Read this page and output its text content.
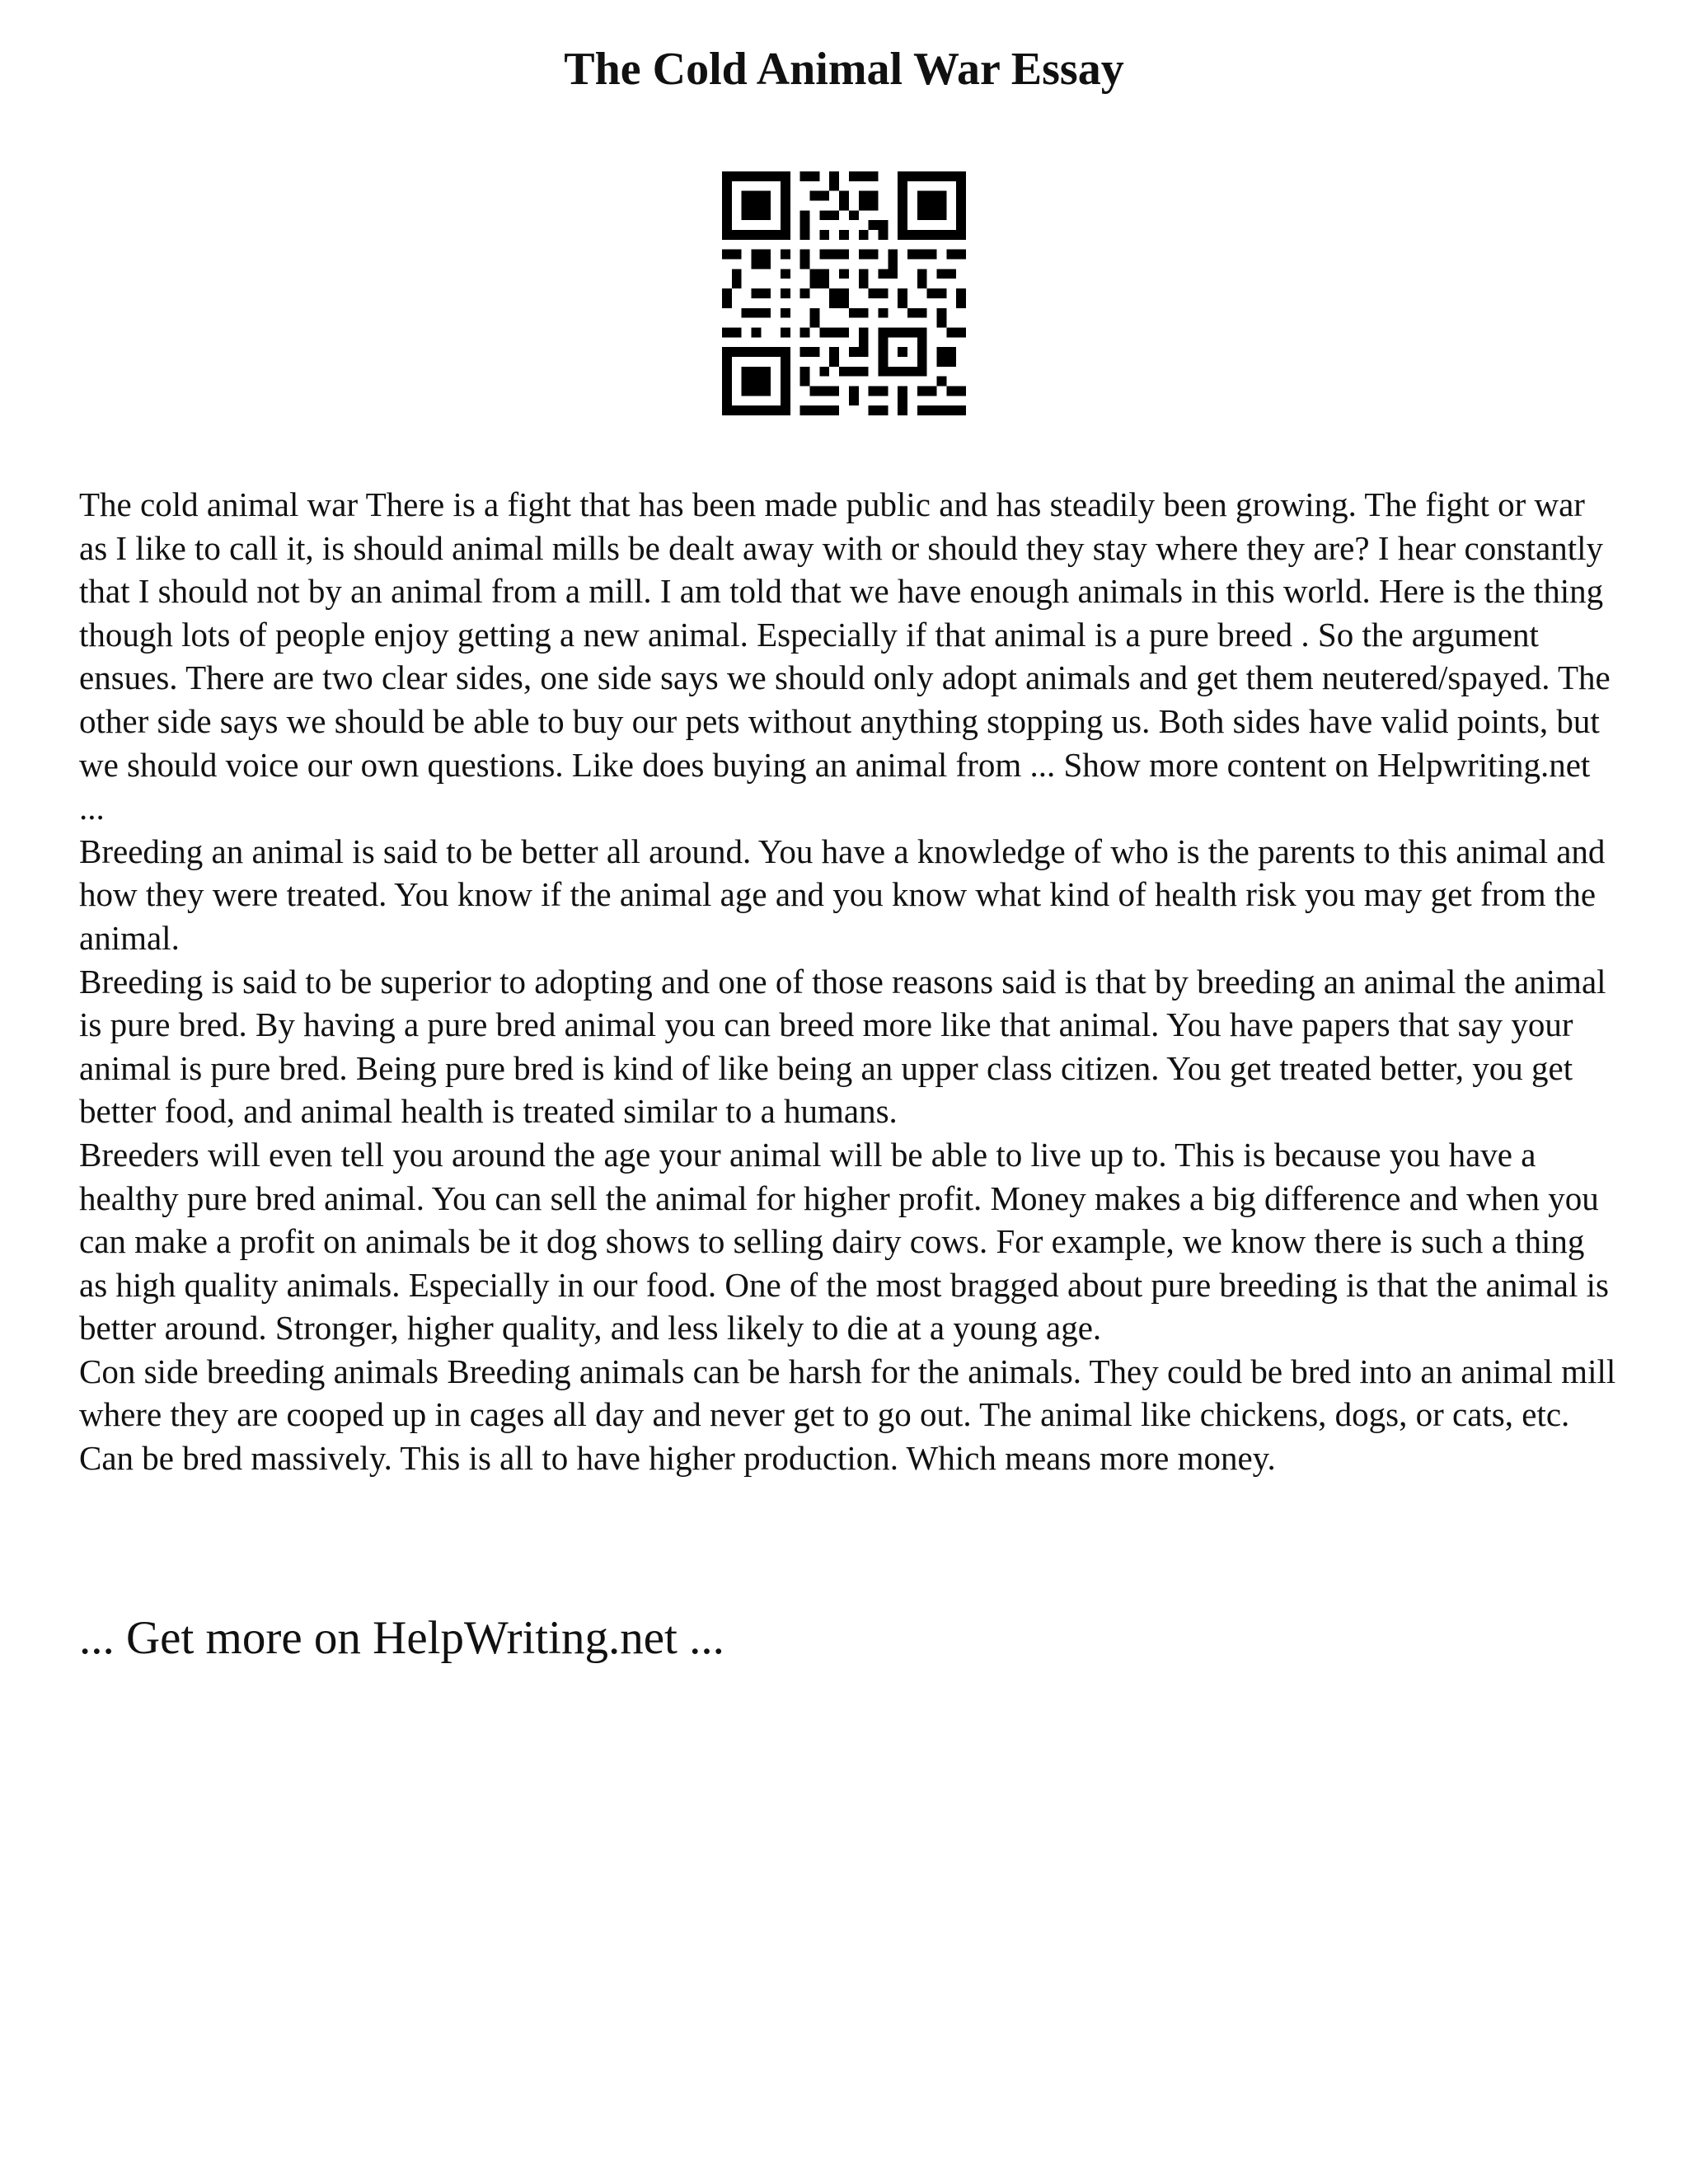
The Cold Animal War Essay

The cold animal war There is a fight that has been made public and has steadily been growing. The fight or war as I like to call it, is should animal mills be dealt away with or should they stay where they are? I hear constantly that I should not by an animal from a mill. I am told that we have enough animals in this world. Here is the thing though lots of people enjoy getting a new animal. Especially if that animal is a pure breed . So the argument ensues. There are two clear sides, one side says we should only adopt animals and get them neutered/spayed. The other side says we should be able to buy our pets without anything stopping us. Both sides have valid points, but we should voice our own questions. Like does buying an animal from ... Show more content on Helpwriting.net ...

Breeding an animal is said to be better all around. You have a knowledge of who is the parents to this animal and how they were treated. You know if the animal age and you know what kind of health risk you may get from the animal.

Breeding is said to be superior to adopting and one of those reasons said is that by breeding an animal the animal is pure bred. By having a pure bred animal you can breed more like that animal. You have papers that say your animal is pure bred. Being pure bred is kind of like being an upper class citizen. You get treated better, you get better food, and animal health is treated similar to a humans.

Breeders will even tell you around the age your animal will be able to live up to. This is because you have a healthy pure bred animal. You can sell the animal for higher profit. Money makes a big difference and when you can make a profit on animals be it dog shows to selling dairy cows. For example, we know there is such a thing as high quality animals. Especially in our food. One of the most bragged about pure breeding is that the animal is better around. Stronger, higher quality, and less likely to die at a young age.

Con side breeding animals Breeding animals can be harsh for the animals. They could be bred into an animal mill where they are cooped up in cages all day and never get to go out. The animal like chickens, dogs, or cats, etc. Can be bred massively. This is all to have higher production. Which means more money.

... Get more on HelpWriting.net ...
